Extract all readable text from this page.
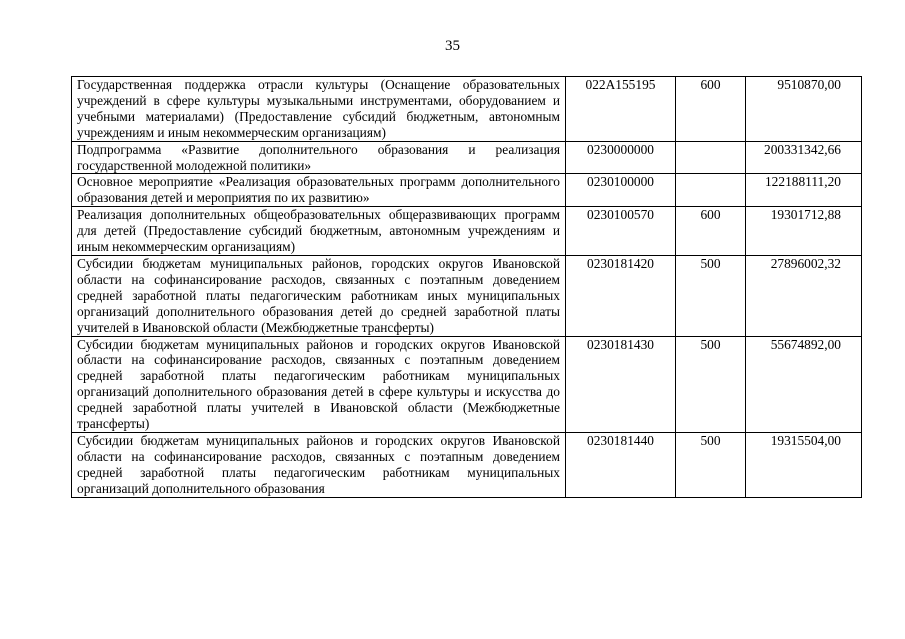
35
Государственная поддержка отрасли культуры (Оснащение образовательных учреждений в сфере культуры музыкальными инструментами, оборудованием и учебными материалами) (Предоставление субсидий бюджетным, автономным учреждениям и иным некоммерческим организациям)	022A155195	600	9510870,00
Подпрограмма «Развитие дополнительного образования и реализация государственной молодежной политики»	0230000000		200331342,66
Основное мероприятие «Реализация образовательных программ дополнительного образования детей и мероприятия по их развитию»	0230100000		122188111,20
Реализация дополнительных общеобразовательных общеразвивающих программ для детей (Предоставление субсидий бюджетным, автономным учреждениям и иным некоммерческим организациям)	0230100570	600	19301712,88
Субсидии бюджетам муниципальных районов, городских округов Ивановской области на софинансирование расходов, связанных с поэтапным доведением средней заработной платы педагогическим работникам иных муниципальных организаций дополнительного образования детей до средней заработной платы учителей в Ивановской области (Межбюджетные трансферты)	0230181420	500	27896002,32
Субсидии бюджетам муниципальных районов и городских округов Ивановской области на софинансирование расходов, связанных с поэтапным доведением средней заработной платы педагогическим работникам муниципальных организаций дополнительного образования детей в сфере культуры и искусства до средней заработной платы учителей в Ивановской области (Межбюджетные трансферты)	0230181430	500	55674892,00
Субсидии бюджетам муниципальных районов и городских округов Ивановской области на софинансирование расходов, связанных с поэтапным доведением средней заработной платы педагогическим работникам муниципальных организаций дополнительного образования	0230181440	500	19315504,00
